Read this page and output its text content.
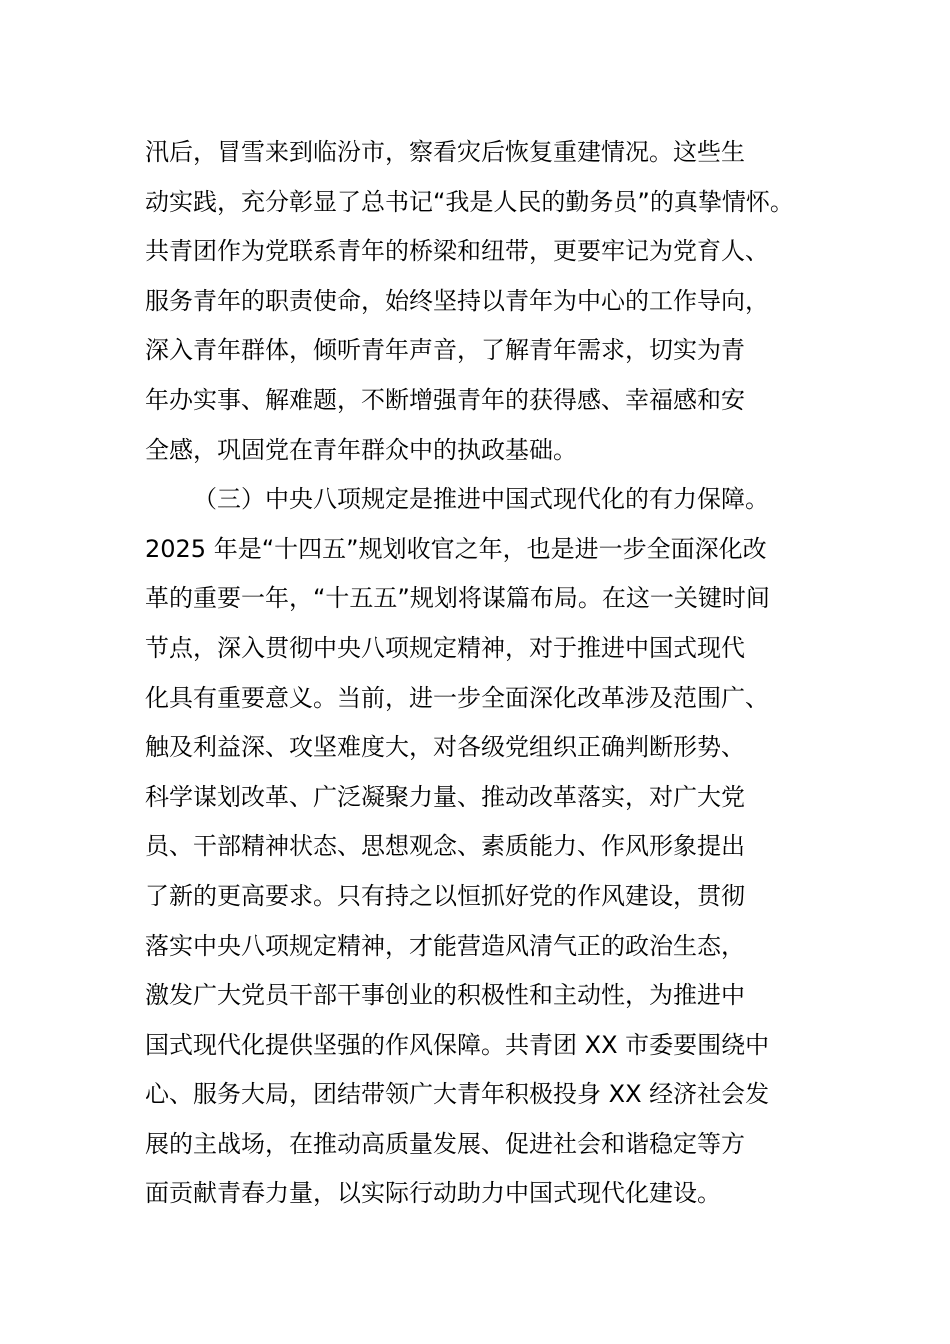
汛后，冒雪来到临汾市，察看灾后恢复重建情况。这些生
动实践，充分彰显了总书记“我是人民的勤务员”的真挚情怀。
共青团作为党联系青年的桥梁和纽带，更要牢记为党育人、
服务青年的职责使命，始终坚持以青年为中心的工作导向，
深入青年群体，倾听青年声音，了解青年需求，切实为青
年办实事、解难题，不断增强青年的获得感、幸福感和安
全感，巩固党在青年群众中的执政基础。
（三）中央八项规定是推进中国式现代化的有力保障。
2025 年是“十四五”规划收官之年，也是进一步全面深化改
革的重要一年，“十五五”规划将谋篇布局。在这一关键时间
节点，深入贯彻中央八项规定精神，对于推进中国式现代
化具有重要意义。当前，进一步全面深化改革涉及范围广、
触及利益深、攻坚难度大，对各级党组织正确判断形势、
科学谋划改革、广泛凝聚力量、推动改革落实，对广大党
员、干部精神状态、思想观念、素质能力、作风形象提出
了新的更高要求。只有持之以恒抓好党的作风建设，贯彻
落实中央八项规定精神，才能营造风清气正的政治生态，
激发广大党员干部干事创业的积极性和主动性，为推进中
国式现代化提供坚强的作风保障。共青团 XX 市委要围绕中
心、服务大局，团结带领广大青年积极投身 XX 经济社会发
展的主战场，在推动高质量发展、促进社会和谐稳定等方
面贡献青春力量，以实际行动助力中国式现代化建设。
